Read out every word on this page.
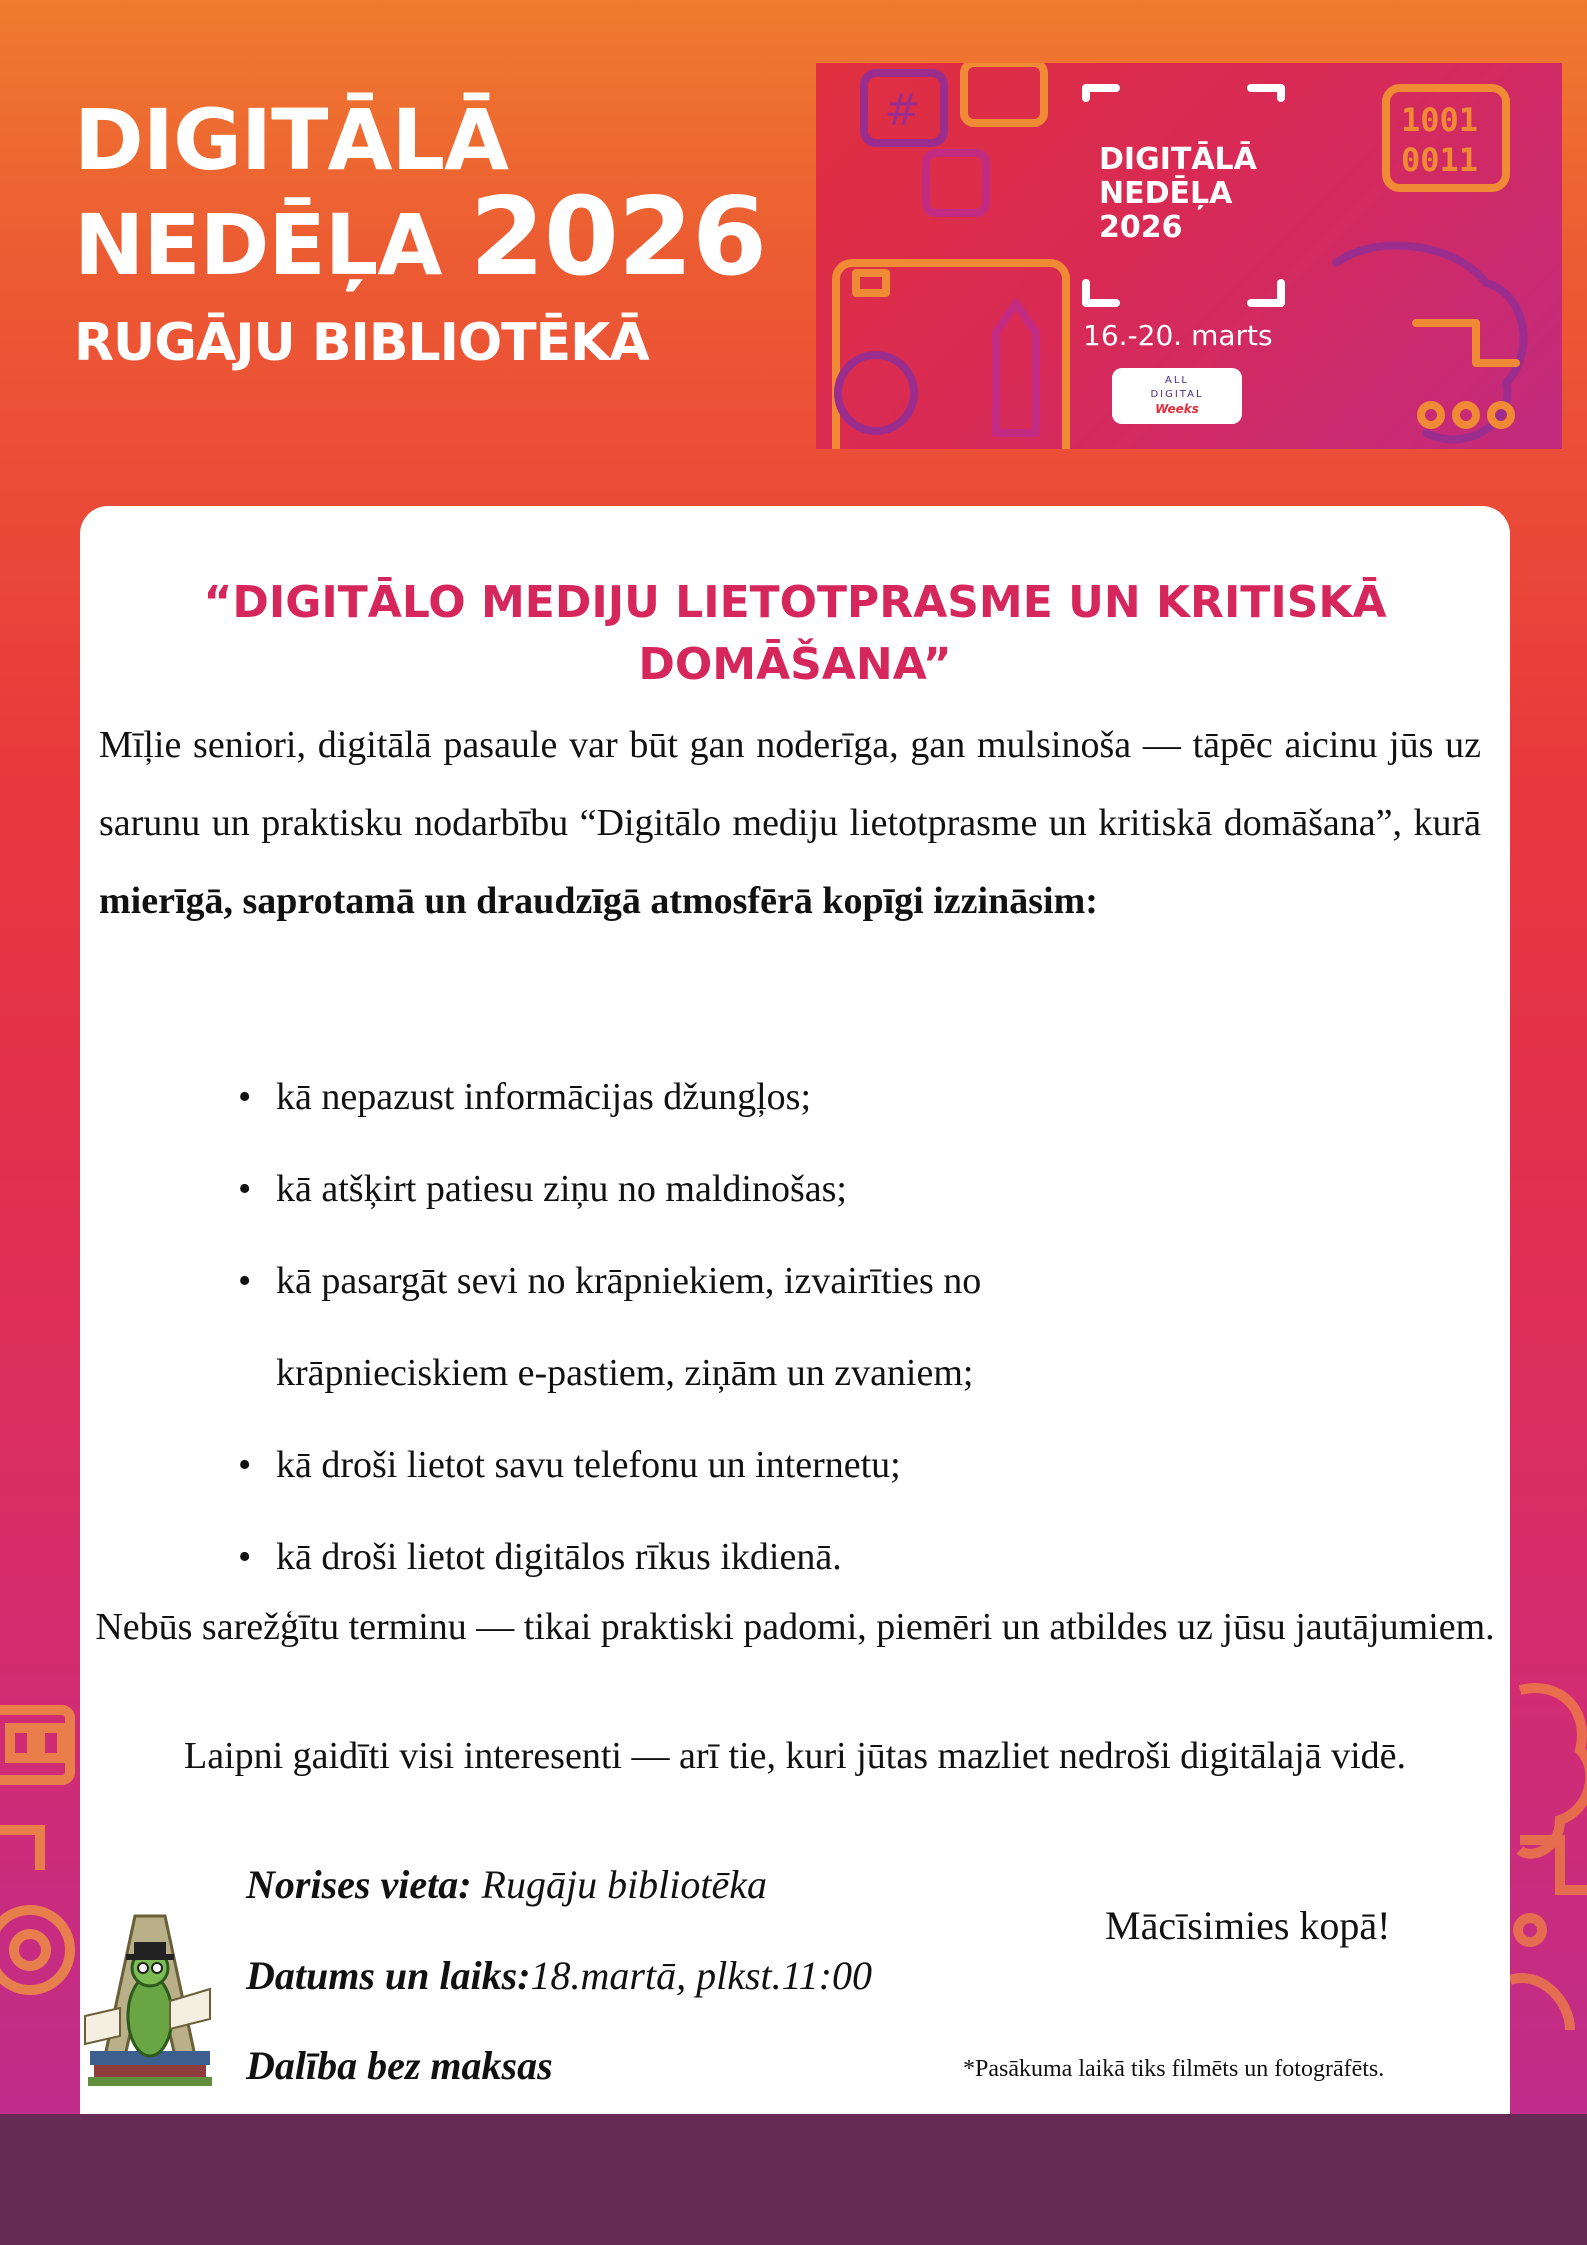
DIGITĀLĀ
NEDĒĻA 2026
RUGĀJU BIBLIOTĒKĀ
#	1001
0011
DIGITĀLĀ
NEDĒĻA
2026
16.-20. marts
ALL
DIGITAL
Weeks
“DIGITĀLO MEDIJU LIETOTPRASME UN KRITISKĀ DOMĀŠANA”
Mīļie seniori, digitālā pasaule var būt gan noderīga, gan mulsinoša — tāpēc aicinu jūs uz sarunu un praktisku nodarbību “Digitālo mediju lietotprasme un kritiskā domāšana”, kurā mierīgā, saprotamā un draudzīgā atmosfērā kopīgi izzināsim:
• kā nepazust informācijas džungļos;
• kā atšķirt patiesu ziņu no maldinošas;
• kā pasargāt sevi no krāpniekiem, izvairīties no
krāpnieciskiem e-pastiem, ziņām un zvaniem;
• kā droši lietot savu telefonu un internetu;
• kā droši lietot digitālos rīkus ikdienā.
Nebūs sarežģītu terminu — tikai praktiski padomi, piemēri un atbildes uz jūsu jautājumiem.
Laipni gaidīti visi interesenti — arī tie, kuri jūtas mazliet nedroši digitālajā vidē.
Norises vieta: Rugāju bibliotēka
Datums un laiks:18.martā, plkst.11:00
Dalība bez maksas
Mācīsimies kopā!
*Pasākuma laikā tiks filmēts un fotogrāfēts.
